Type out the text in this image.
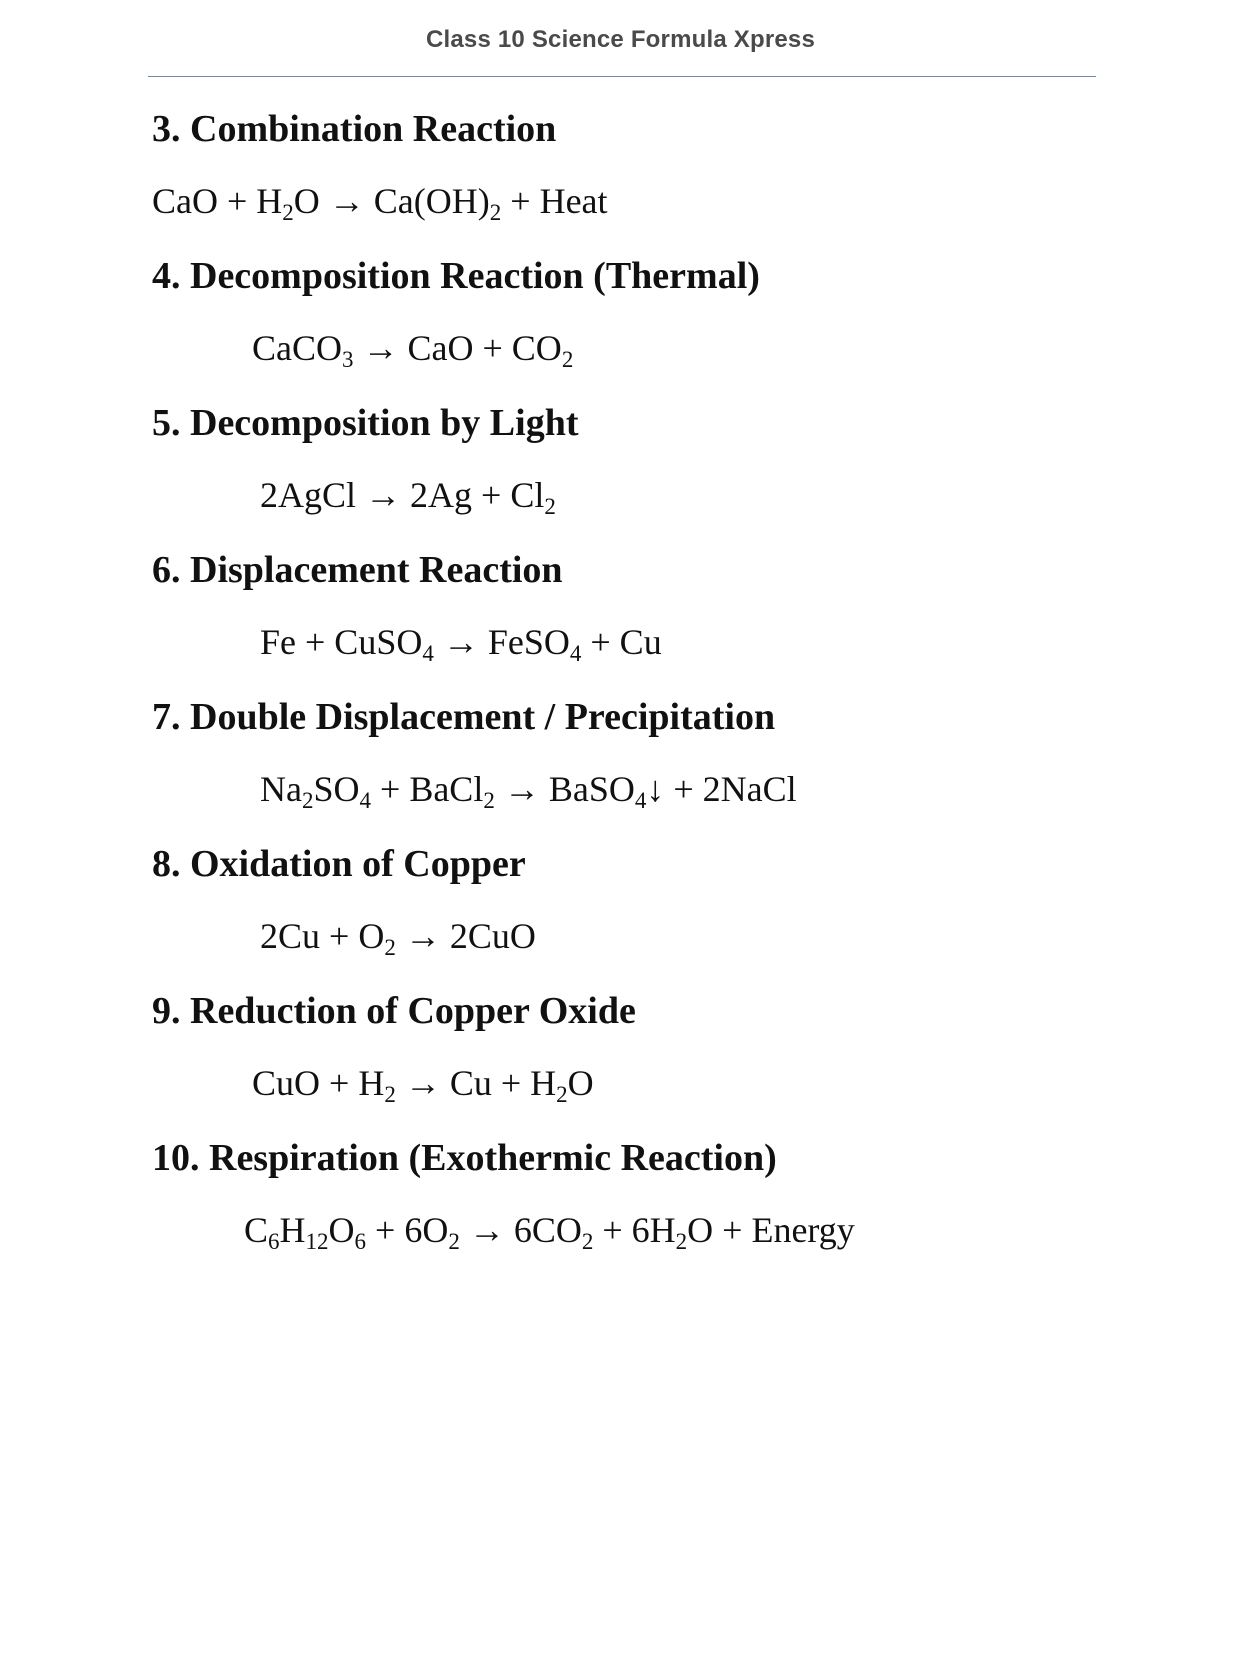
Class 10 Science Formula Xpress
3. Combination Reaction
CaO + $H_2O \to Ca(OH)_2$ + Heat
4. Decomposition Reaction (Thermal)
CaCO$_3$ → CaO + $CO_2$
5. Decomposition by Light
2AgCl → $2Ag + Cl_2$
6. Displacement Reaction
Fe + CuSO$_4$ → FeSO$_4$ + Cu
7. Double Displacement / Precipitation
$Na_2SO_4$ + BaCl$_2$ → BaSO$_4$↓ + 2NaCl
8. Oxidation of Copper
$2Cu + O_2 \to 2CuO$
9. Reduction of Copper Oxide
CuO + $H_2 \to Cu + H_2O$
10. Respiration (Exothermic Reaction)
$C_6H_{12}O_6 + 6O_2 \to 6CO_2 + 6H_2O$ + Energy
